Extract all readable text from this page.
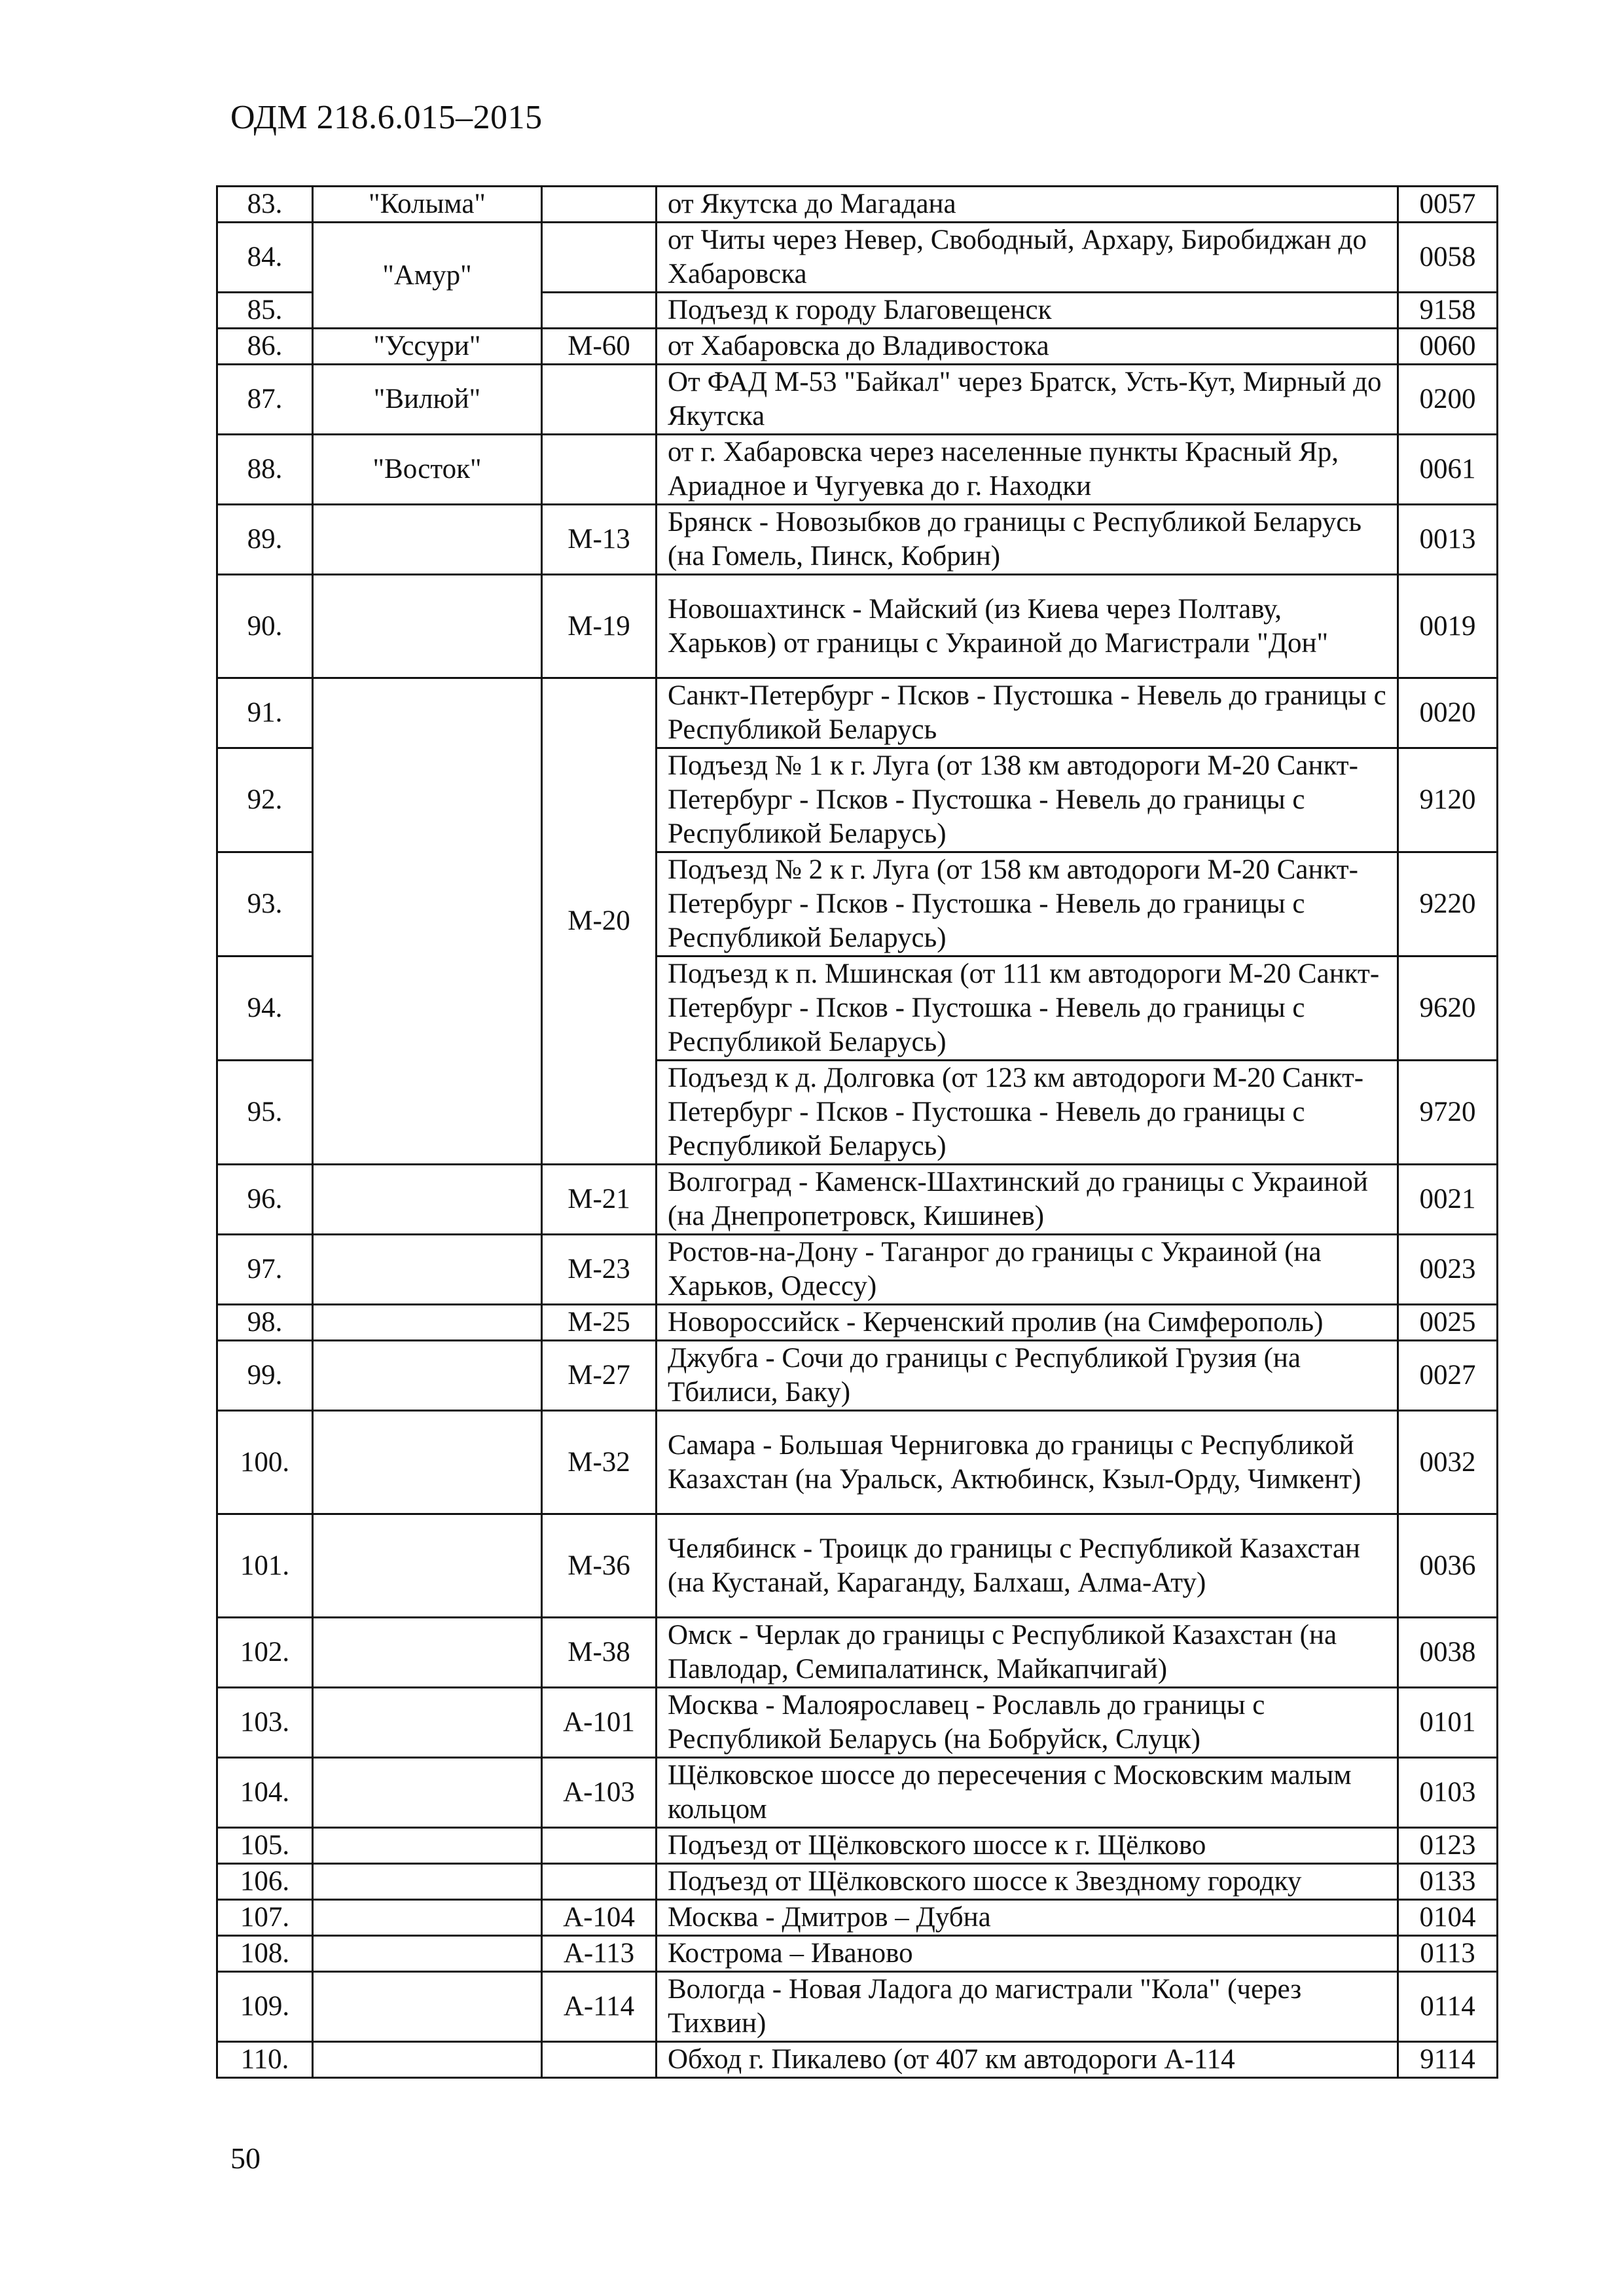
ОДМ 218.6.015–2015
83.	"Колыма"		от Якутска до Магадана	0057
84.	"Амур"		от Читы через Невер, Свободный, Архару, Биробиджан до Хабаровска	0058
85.			Подъезд к городу Благовещенск	9158
86.	"Уссури"	М-60	от Хабаровска до Владивостока	0060
87.	"Вилюй"		От ФАД М-53 "Байкал" через Братск, Усть-Кут, Мирный до Якутска	0200
88.	"Восток"		от г. Хабаровска через населенные пункты Красный Яр, Ариадное и Чугуевка до г. Находки	0061
89.		М-13	Брянск - Новозыбков до границы с Республикой Беларусь (на Гомель, Пинск, Кобрин)	0013
90.		М-19	Новошахтинск - Майский (из Киева через Полтаву, Харьков) от границы с Украиной до Магистрали "Дон"	0019
91.		М-20	Санкт-Петербург - Псков - Пустошка - Невель до границы с Республикой Беларусь	0020
92.			Подъезд № 1 к г. Луга (от 138 км автодороги М-20 Санкт-Петербург - Псков - Пустошка - Невель до границы с Республикой Беларусь)	9120
93.			Подъезд № 2 к г. Луга (от 158 км автодороги М-20 Санкт-Петербург - Псков - Пустошка - Невель до границы с Республикой Беларусь)	9220
94.			Подъезд к п. Мшинская (от 111 км автодороги М-20 Санкт-Петербург - Псков - Пустошка - Невель до границы с Республикой Беларусь)	9620
95.			Подъезд к д. Долговка (от 123 км автодороги М-20 Санкт-Петербург - Псков - Пустошка - Невель до границы с Республикой Беларусь)	9720
96.		М-21	Волгоград - Каменск-Шахтинский до границы с Украиной (на Днепропетровск, Кишинев)	0021
97.		М-23	Ростов-на-Дону - Таганрог до границы с Украиной (на Харьков, Одессу)	0023
98.		М-25	Новороссийск - Керченский пролив (на Симферополь)	0025
99.		М-27	Джубга - Сочи до границы с Республикой Грузия (на Тбилиси, Баку)	0027
100.		М-32	Самара - Большая Черниговка до границы с Республикой Казахстан (на Уральск, Актюбинск, Кзыл-Орду, Чимкент)	0032
101.		М-36	Челябинск - Троицк до границы с Республикой Казахстан (на Кустанай, Караганду, Балхаш, Алма-Ату)	0036
102.		М-38	Омск - Черлак до границы с Республикой Казахстан (на Павлодар, Семипалатинск, Майкапчигай)	0038
103.		А-101	Москва - Малоярославец - Рославль до границы с Республикой Беларусь (на Бобруйск, Слуцк)	0101
104.		А-103	Щёлковское шоссе до пересечения с Московским малым кольцом	0103
105.			Подъезд от Щёлковского шоссе к г. Щёлково	0123
106.			Подъезд от Щёлковского шоссе к Звездному городку	0133
107.		А-104	Москва - Дмитров – Дубна	0104
108.		А-113	Кострома – Иваново	0113
109.		А-114	Вологда - Новая Ладога до магистрали "Кола" (через Тихвин)	0114
110.			Обход г. Пикалево (от 407 км автодороги А-114	9114
50
